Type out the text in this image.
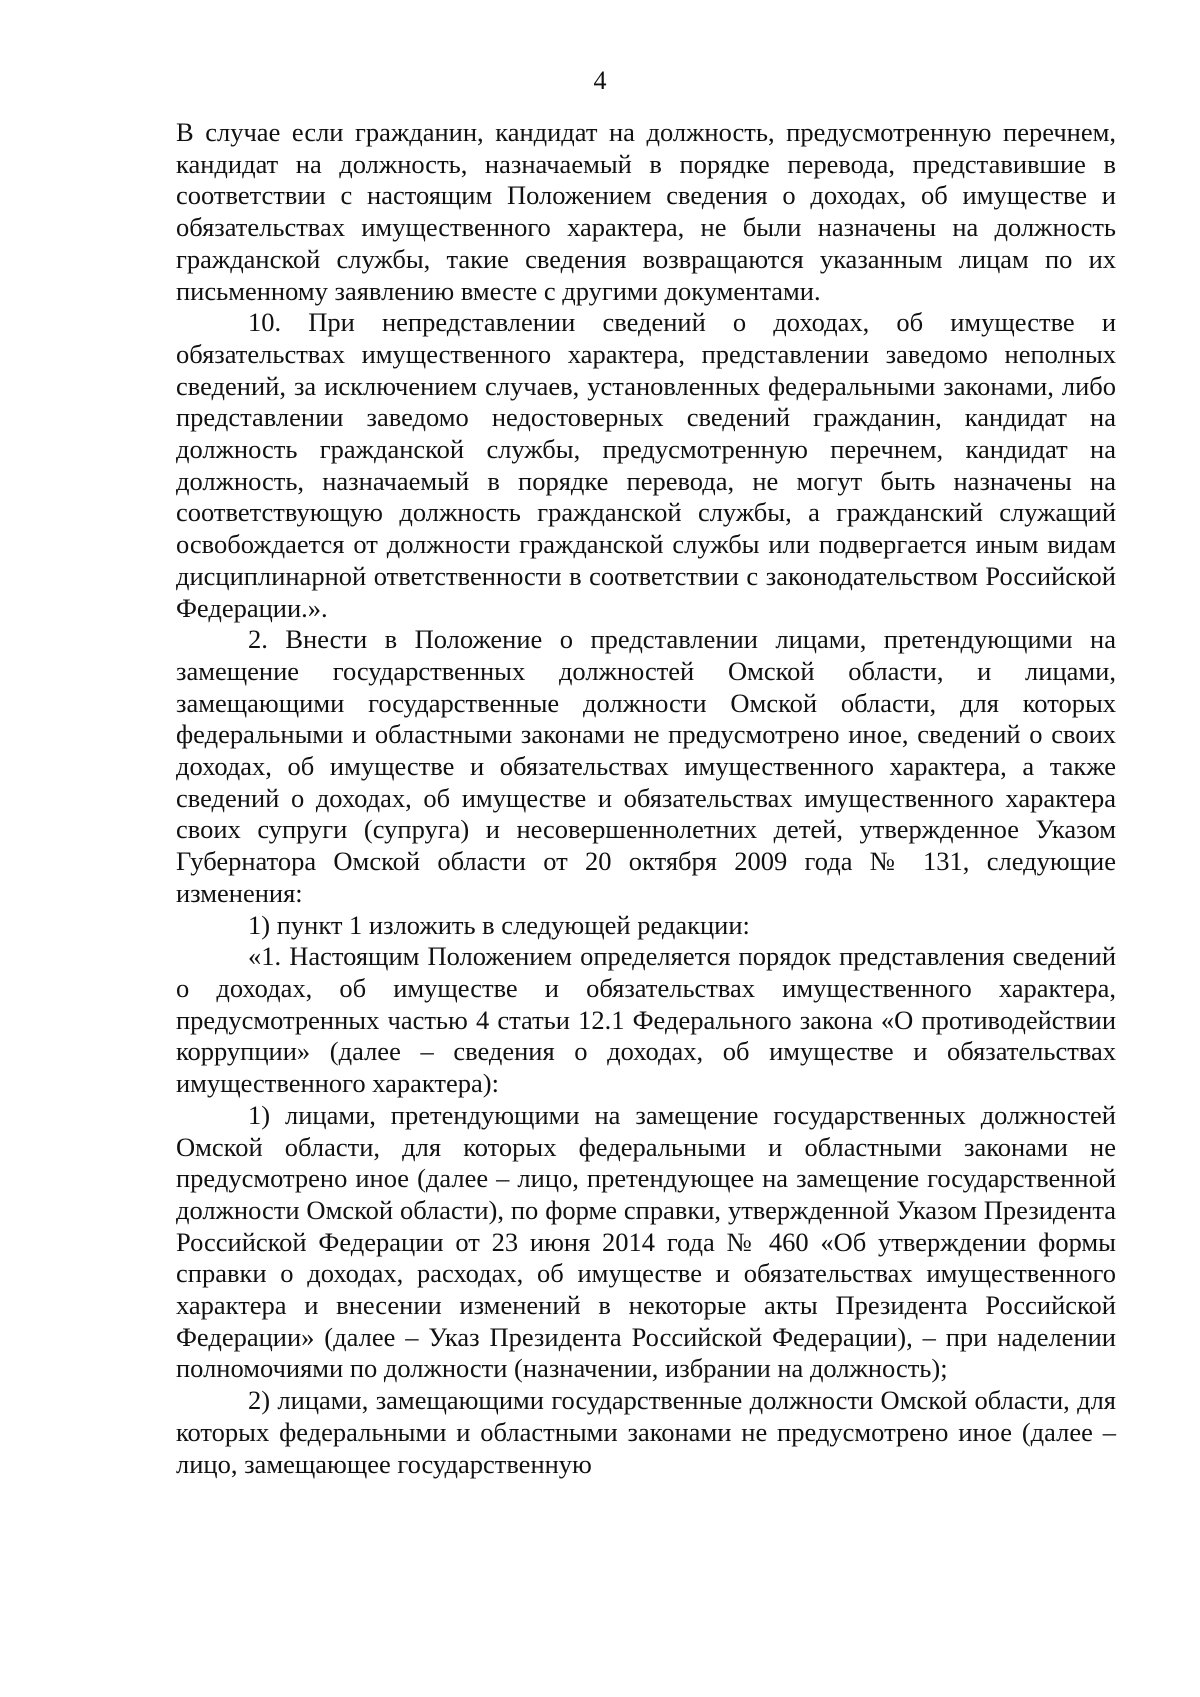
4

В случае если гражданин, кандидат на должность, предусмотренную перечнем, кандидат на должность, назначаемый в порядке перевода, представившие в соответствии с настоящим Положением сведения о доходах, об имуществе и обязательствах имущественного характера, не были назначены на должность гражданской службы, такие сведения возвращаются указанным лицам по их письменному заявлению вместе с другими документами.

10. При непредставлении сведений о доходах, об имуществе и обязательствах имущественного характера, представлении заведомо неполных сведений, за исключением случаев, установленных федеральными законами, либо представлении заведомо недостоверных сведений гражданин, кандидат на должность гражданской службы, предусмотренную перечнем, кандидат на должность, назначаемый в порядке перевода, не могут быть назначены на соответствующую должность гражданской службы, а гражданский служащий освобождается от должности гражданской службы или подвергается иным видам дисциплинарной ответственности в соответствии с законодательством Российской Федерации.».

2. Внести в Положение о представлении лицами, претендующими на замещение государственных должностей Омской области, и лицами, замещающими государственные должности Омской области, для которых федеральными и областными законами не предусмотрено иное, сведений о своих доходах, об имуществе и обязательствах имущественного характера, а также сведений о доходах, об имуществе и обязательствах имущественного характера своих супруги (супруга) и несовершеннолетних детей, утвержденное Указом Губернатора Омской области от 20 октября 2009 года № 131, следующие изменения:

1) пункт 1 изложить в следующей редакции:

«1. Настоящим Положением определяется порядок представления сведений о доходах, об имуществе и обязательствах имущественного характера, предусмотренных частью 4 статьи 12.1 Федерального закона «О противодействии коррупции» (далее – сведения о доходах, об имуществе и обязательствах имущественного характера):

1) лицами, претендующими на замещение государственных должностей Омской области, для которых федеральными и областными законами не предусмотрено иное (далее – лицо, претендующее на замещение государственной должности Омской области), по форме справки, утвержденной Указом Президента Российской Федерации от 23 июня 2014 года № 460 «Об утверждении формы справки о доходах, расходах, об имуществе и обязательствах имущественного характера и внесении изменений в некоторые акты Президента Российской Федерации» (далее – Указ Президента Российской Федерации), – при наделении полномочиями по должности (назначении, избрании на должность);

2) лицами, замещающими государственные должности Омской области, для которых федеральными и областными законами не предусмотрено иное (далее – лицо, замещающее государственную
